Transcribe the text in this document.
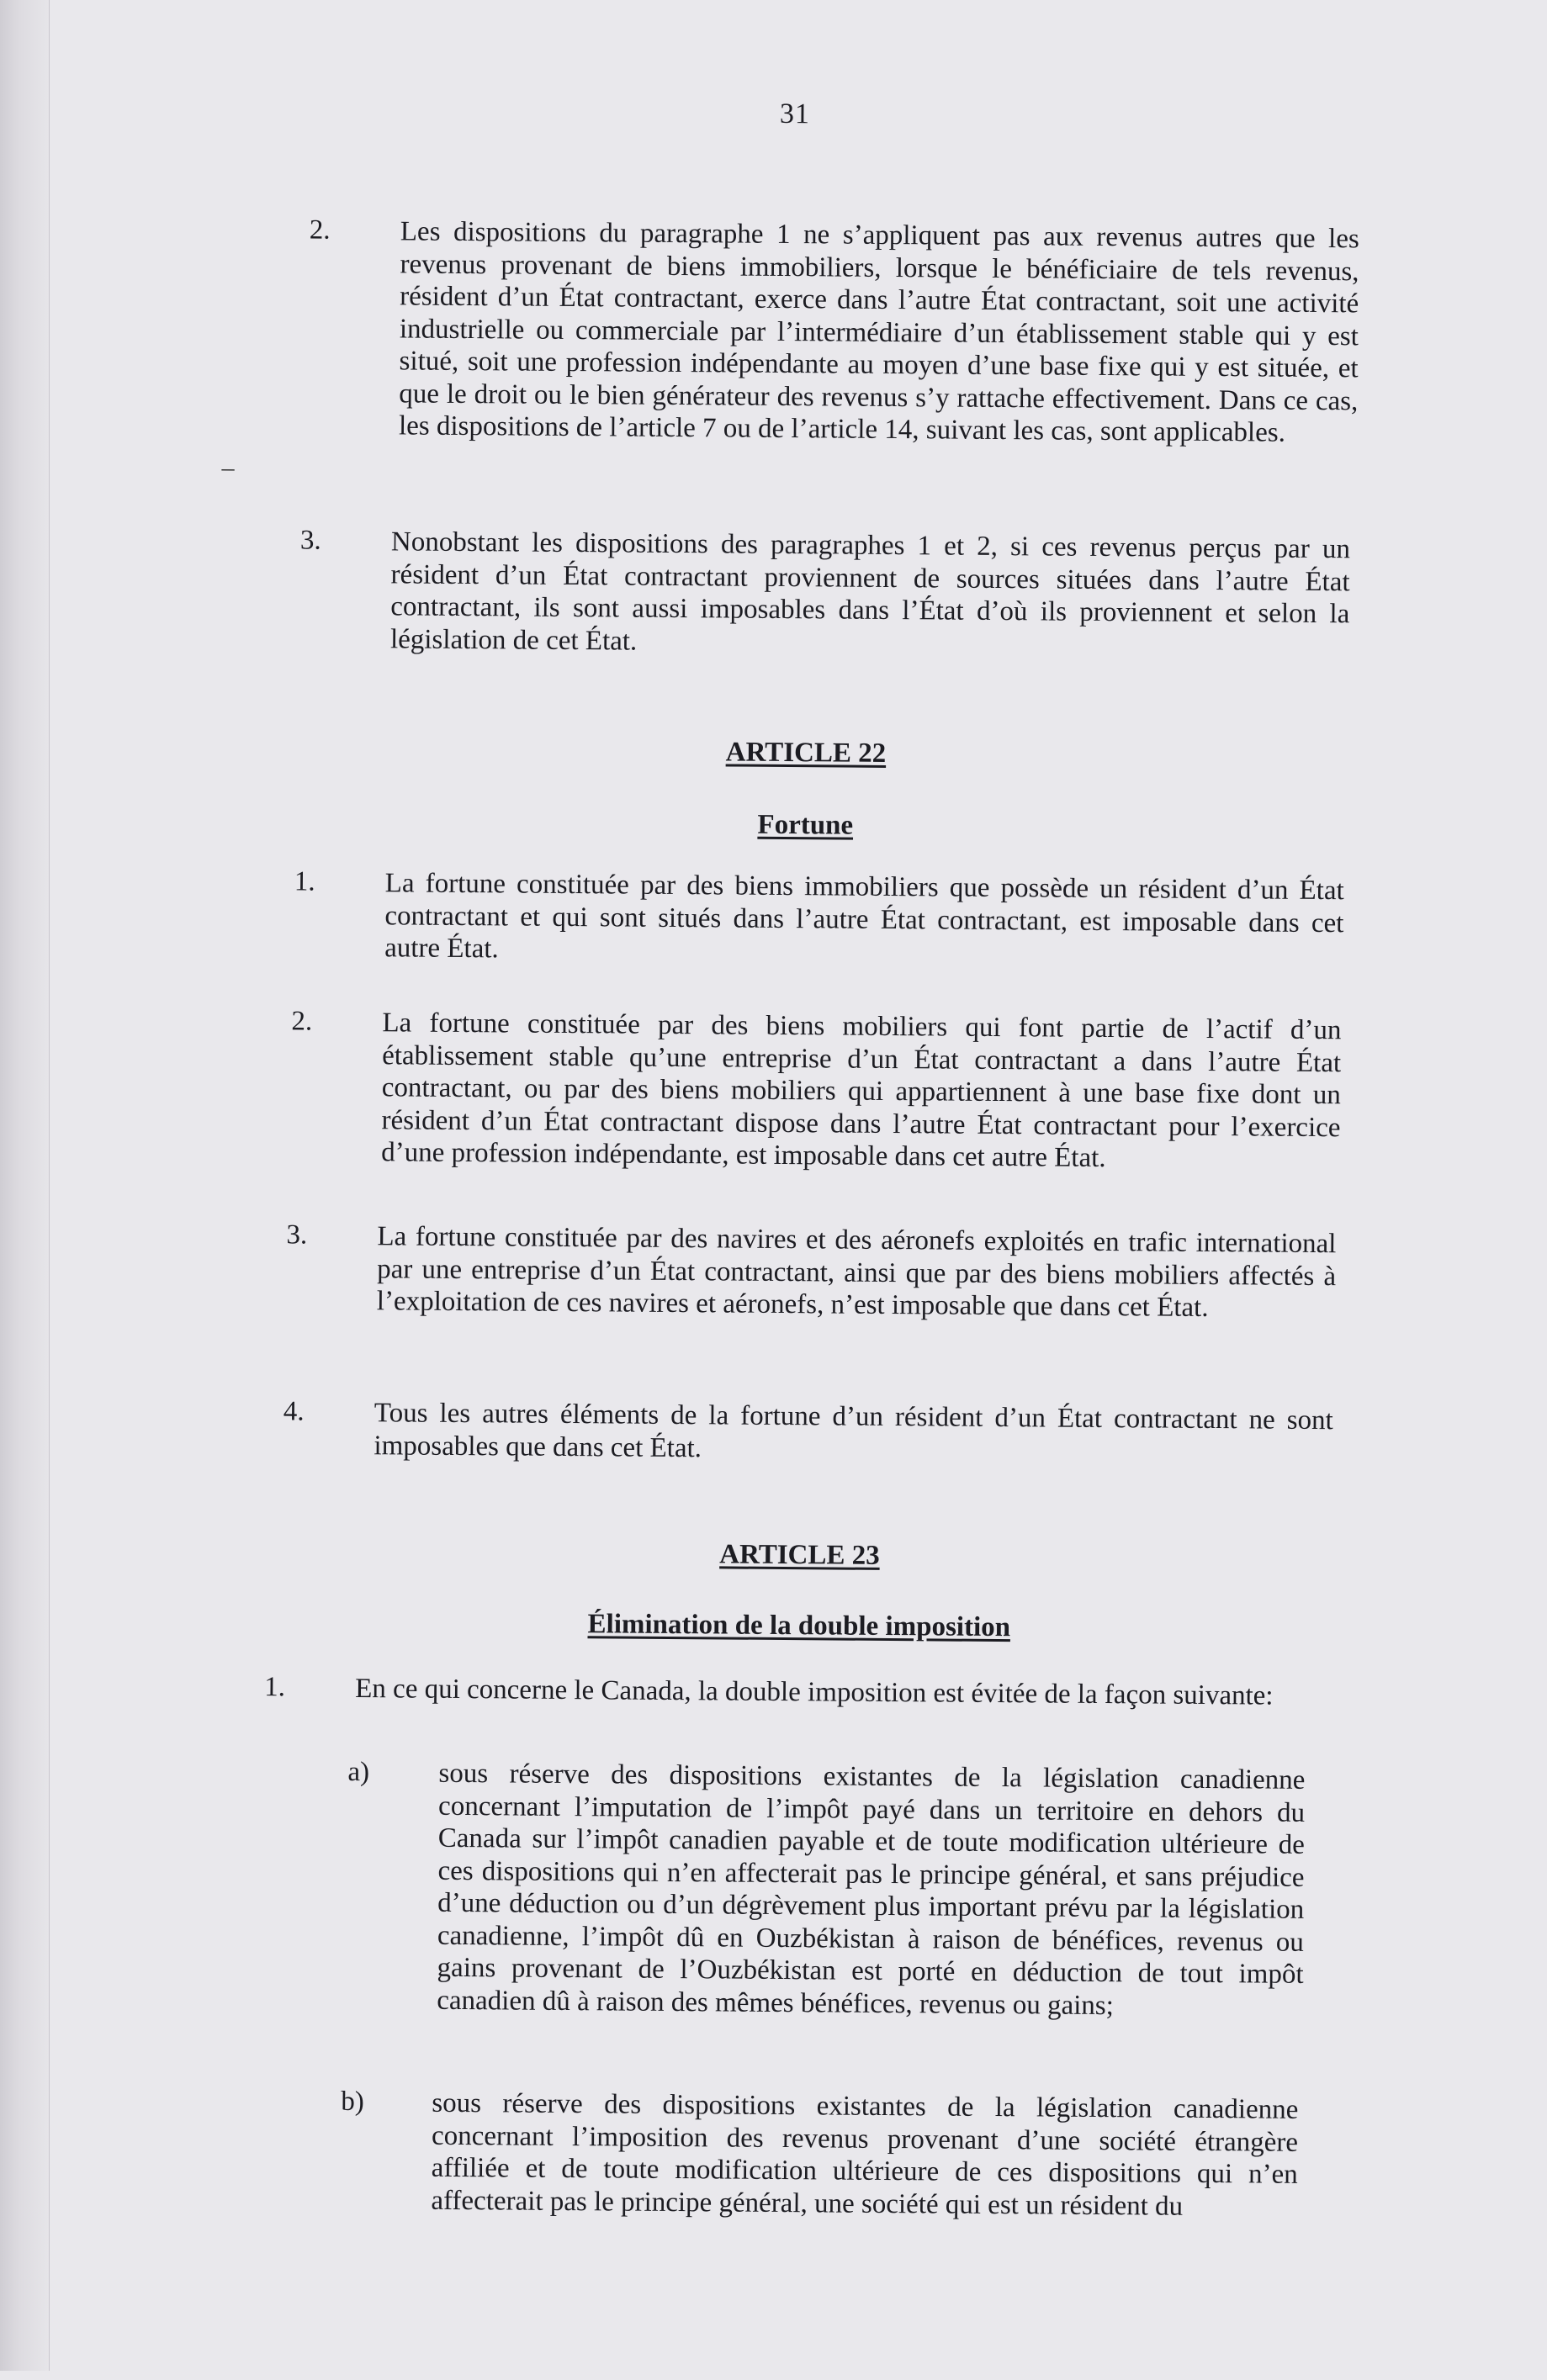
31
2.	Les dispositions du paragraphe 1 ne s’appliquent pas aux revenus autres que les revenus provenant de biens immobiliers, lorsque le bénéficiaire de tels revenus, résident d’un État contractant, exerce dans l’autre État contractant, soit une activité industrielle ou commerciale par l’intermédiaire d’un établissement stable qui y est situé, soit une profession indépendante au moyen d’une base fixe qui y est située, et que le droit ou le bien générateur des revenus s’y rattache effectivement. Dans ce cas, les dispositions de l’article 7 ou de l’article 14, suivant les cas, sont applicables.
–
3.	Nonobstant les dispositions des paragraphes 1 et 2, si ces revenus perçus par un résident d’un État contractant proviennent de sources situées dans l’autre État contractant, ils sont aussi imposables dans l’État d’où ils proviennent et selon la législation de cet État.
ARTICLE 22
Fortune
1.	La fortune constituée par des biens immobiliers que possède un résident d’un État contractant et qui sont situés dans l’autre État contractant, est imposable dans cet autre État.
2.	La fortune constituée par des biens mobiliers qui font partie de l’actif d’un établissement stable qu’une entreprise d’un État contractant a dans l’autre État contractant, ou par des biens mobiliers qui appartiennent à une base fixe dont un résident d’un État contractant dispose dans l’autre État contractant pour l’exercice d’une profession indépendante, est imposable dans cet autre État.
3.	La fortune constituée par des navires et des aéronefs exploités en trafic international par une entreprise d’un État contractant, ainsi que par des biens mobiliers affectés à l’exploitation de ces navires et aéronefs, n’est imposable que dans cet État.
4.	Tous les autres éléments de la fortune d’un résident d’un État contractant ne sont imposables que dans cet État.
ARTICLE 23
Élimination de la double imposition
1.	En ce qui concerne le Canada, la double imposition est évitée de la façon suivante:
a) sous réserve des dispositions existantes de la législation canadienne concernant l’imputation de l’impôt payé dans un territoire en dehors du Canada sur l’impôt canadien payable et de toute modification ultérieure de ces dispositions qui n’en affecterait pas le principe général, et sans préjudice d’une déduction ou d’un dégrèvement plus important prévu par la législation canadienne, l’impôt dû en Ouzbékistan à raison de bénéfices, revenus ou gains provenant de l’Ouzbékistan est porté en déduction de tout impôt canadien dû à raison des mêmes bénéfices, revenus ou gains;
b) sous réserve des dispositions existantes de la législation canadienne concernant l’imposition des revenus provenant d’une société étrangère affiliée et de toute modification ultérieure de ces dispositions qui n’en affecterait pas le principe général, une société qui est un résident du
